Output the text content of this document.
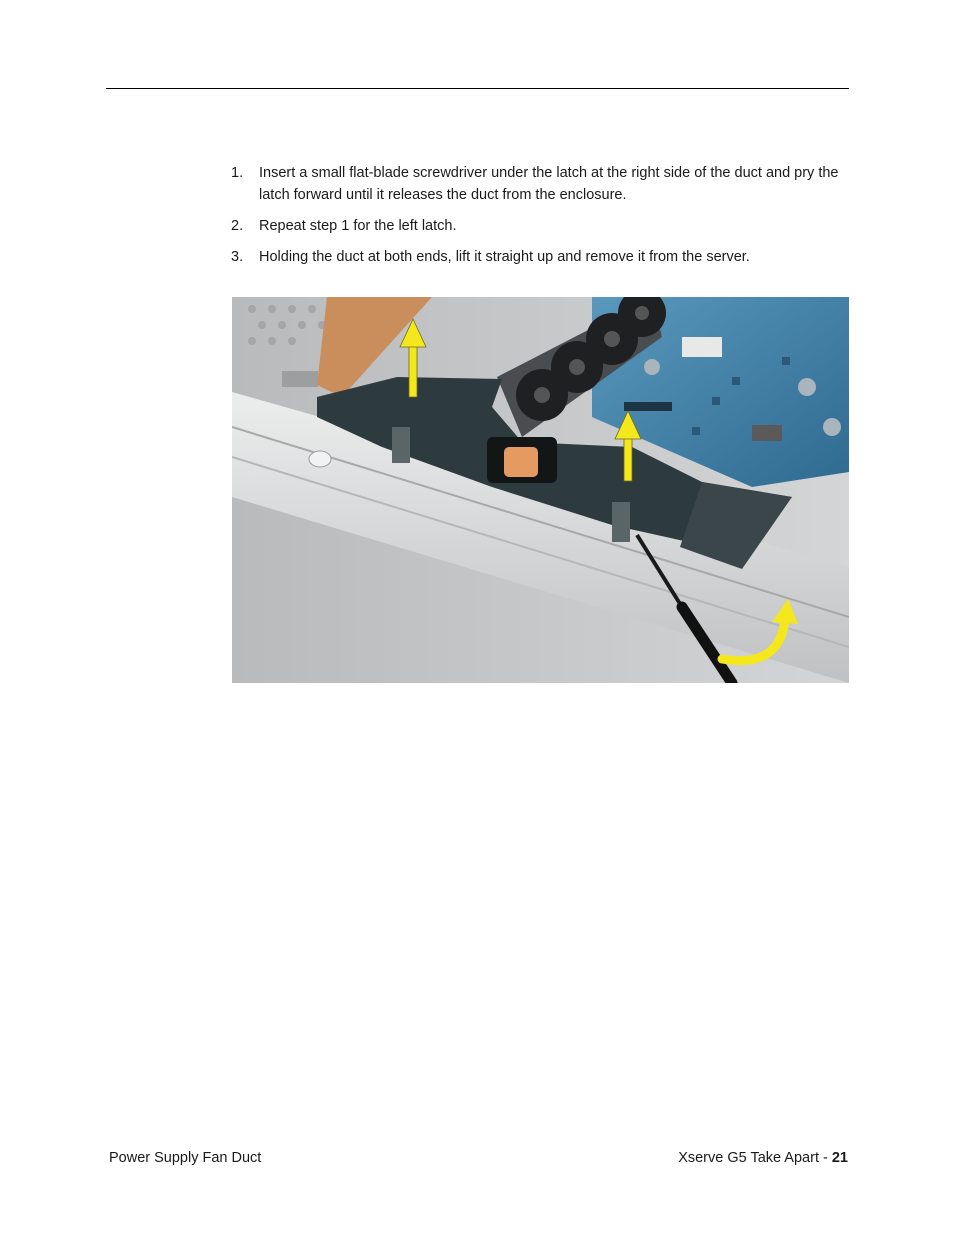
1. Insert a small flat-blade screwdriver under the latch at the right side of the duct and pry the latch forward until it releases the duct from the enclosure.
2. Repeat step 1 for the left latch.
3. Holding the duct at both ends, lift it straight up and remove it from the server.
Power Supply Fan Duct	Xserve G5 Take Apart - 21
